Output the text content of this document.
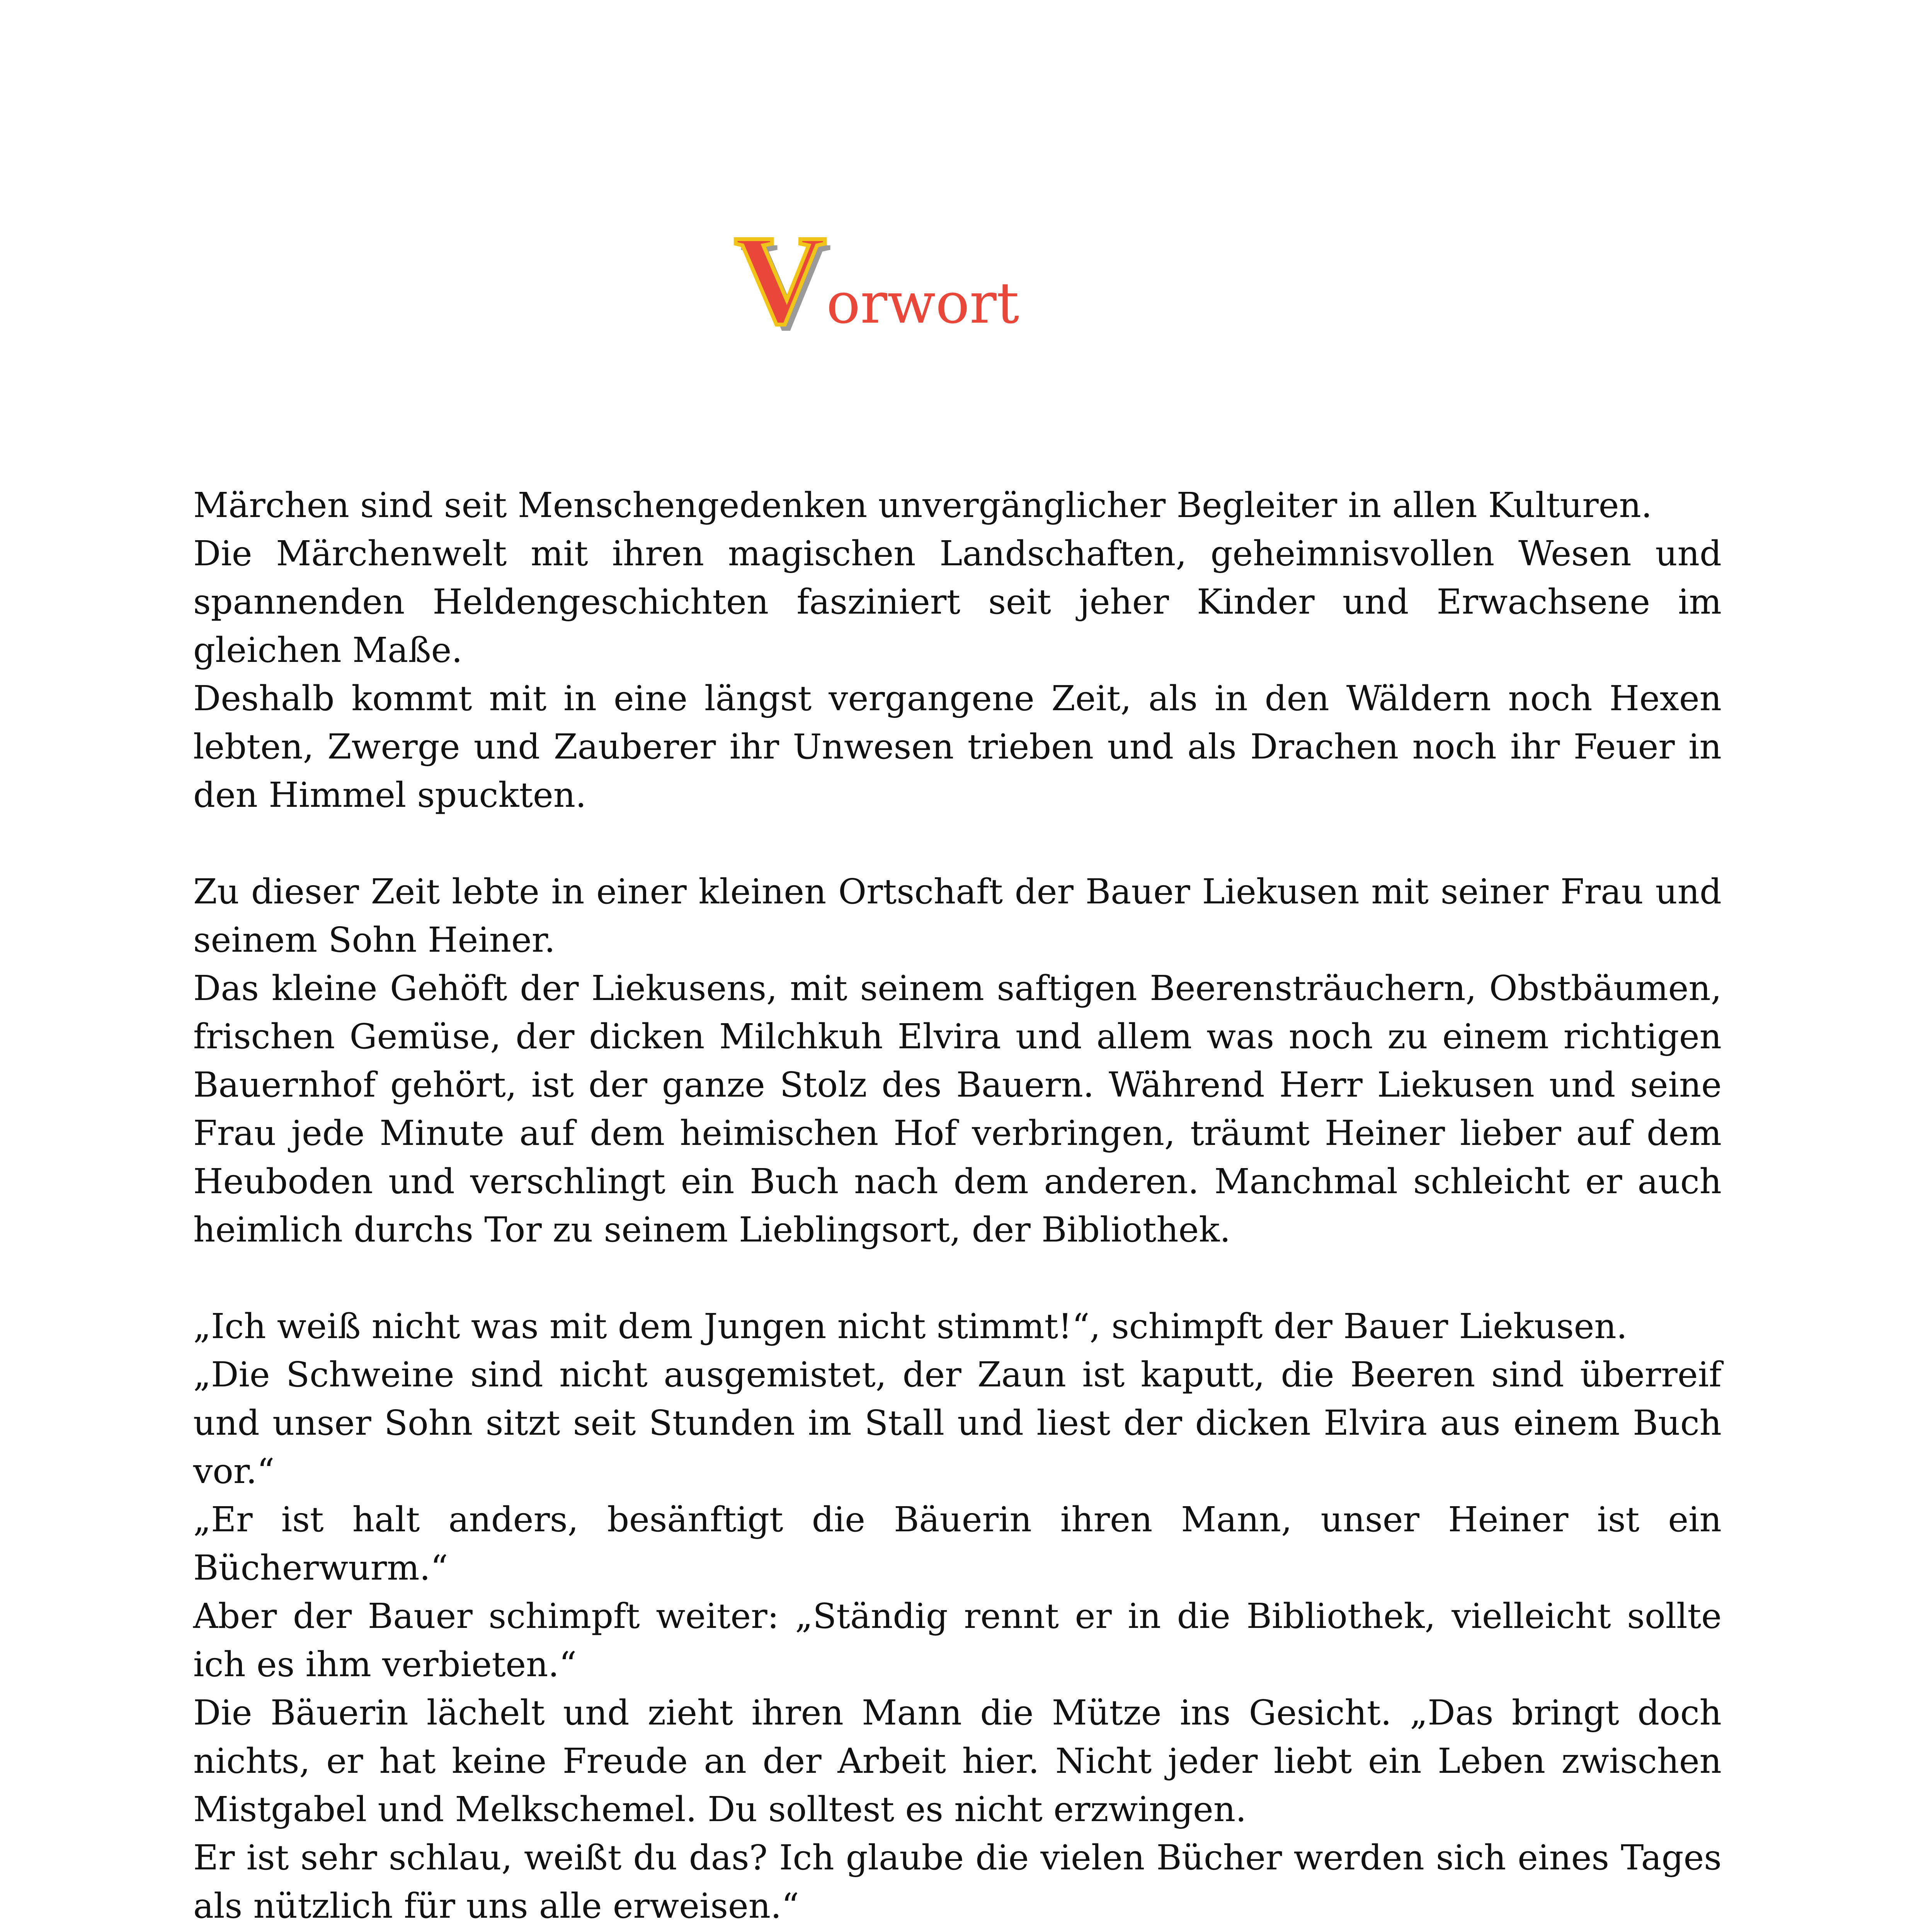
Vorwort

Märchen sind seit Menschengedenken unvergänglicher Begleiter in allen Kulturen.

Die Märchenwelt mit ihren magischen Landschaften, geheimnisvollen Wesen und spannenden Heldengeschichten fasziniert seit jeher Kinder und Erwachsene im gleichen Maße.

Deshalb kommt mit in eine längst vergangene Zeit, als in den Wäldern noch Hexen lebten, Zwerge und Zauberer ihr Unwesen trieben und als Drachen noch ihr Feuer in den Himmel spuckten.

Zu dieser Zeit lebte in einer kleinen Ortschaft der Bauer Liekusen mit seiner Frau und seinem Sohn Heiner.

Das kleine Gehöft der Liekusens, mit seinem saftigen Beerensträuchern, Obstbäumen, frischen Gemüse, der dicken Milchkuh Elvira und allem was noch zu einem richtigen Bauernhof gehört, ist der ganze Stolz des Bauern. Während Herr Liekusen und seine Frau jede Minute auf dem heimischen Hof verbringen, träumt Heiner lieber auf dem Heuboden und verschlingt ein Buch nach dem anderen. Manchmal schleicht er auch heimlich durchs Tor zu seinem Lieblingsort, der Bibliothek.

„Ich weiß nicht was mit dem Jungen nicht stimmt!“, schimpft der Bauer Liekusen.

„Die Schweine sind nicht ausgemistet, der Zaun ist kaputt, die Beeren sind überreif und unser Sohn sitzt seit Stunden im Stall und liest der dicken Elvira aus einem Buch vor.“

„Er ist halt anders, besänftigt die Bäuerin ihren Mann, unser Heiner ist ein Bücherwurm.“

Aber der Bauer schimpft weiter: „Ständig rennt er in die Bibliothek, vielleicht sollte ich es ihm verbieten.“

Die Bäuerin lächelt und zieht ihren Mann die Mütze ins Gesicht. „Das bringt doch nichts, er hat keine Freude an der Arbeit hier. Nicht jeder liebt ein Leben zwischen Mistgabel und Melkschemel. Du solltest es nicht erzwingen.

Er ist sehr schlau, weißt du das? Ich glaube die vielen Bücher werden sich eines Tages als nützlich für uns alle erweisen.“
